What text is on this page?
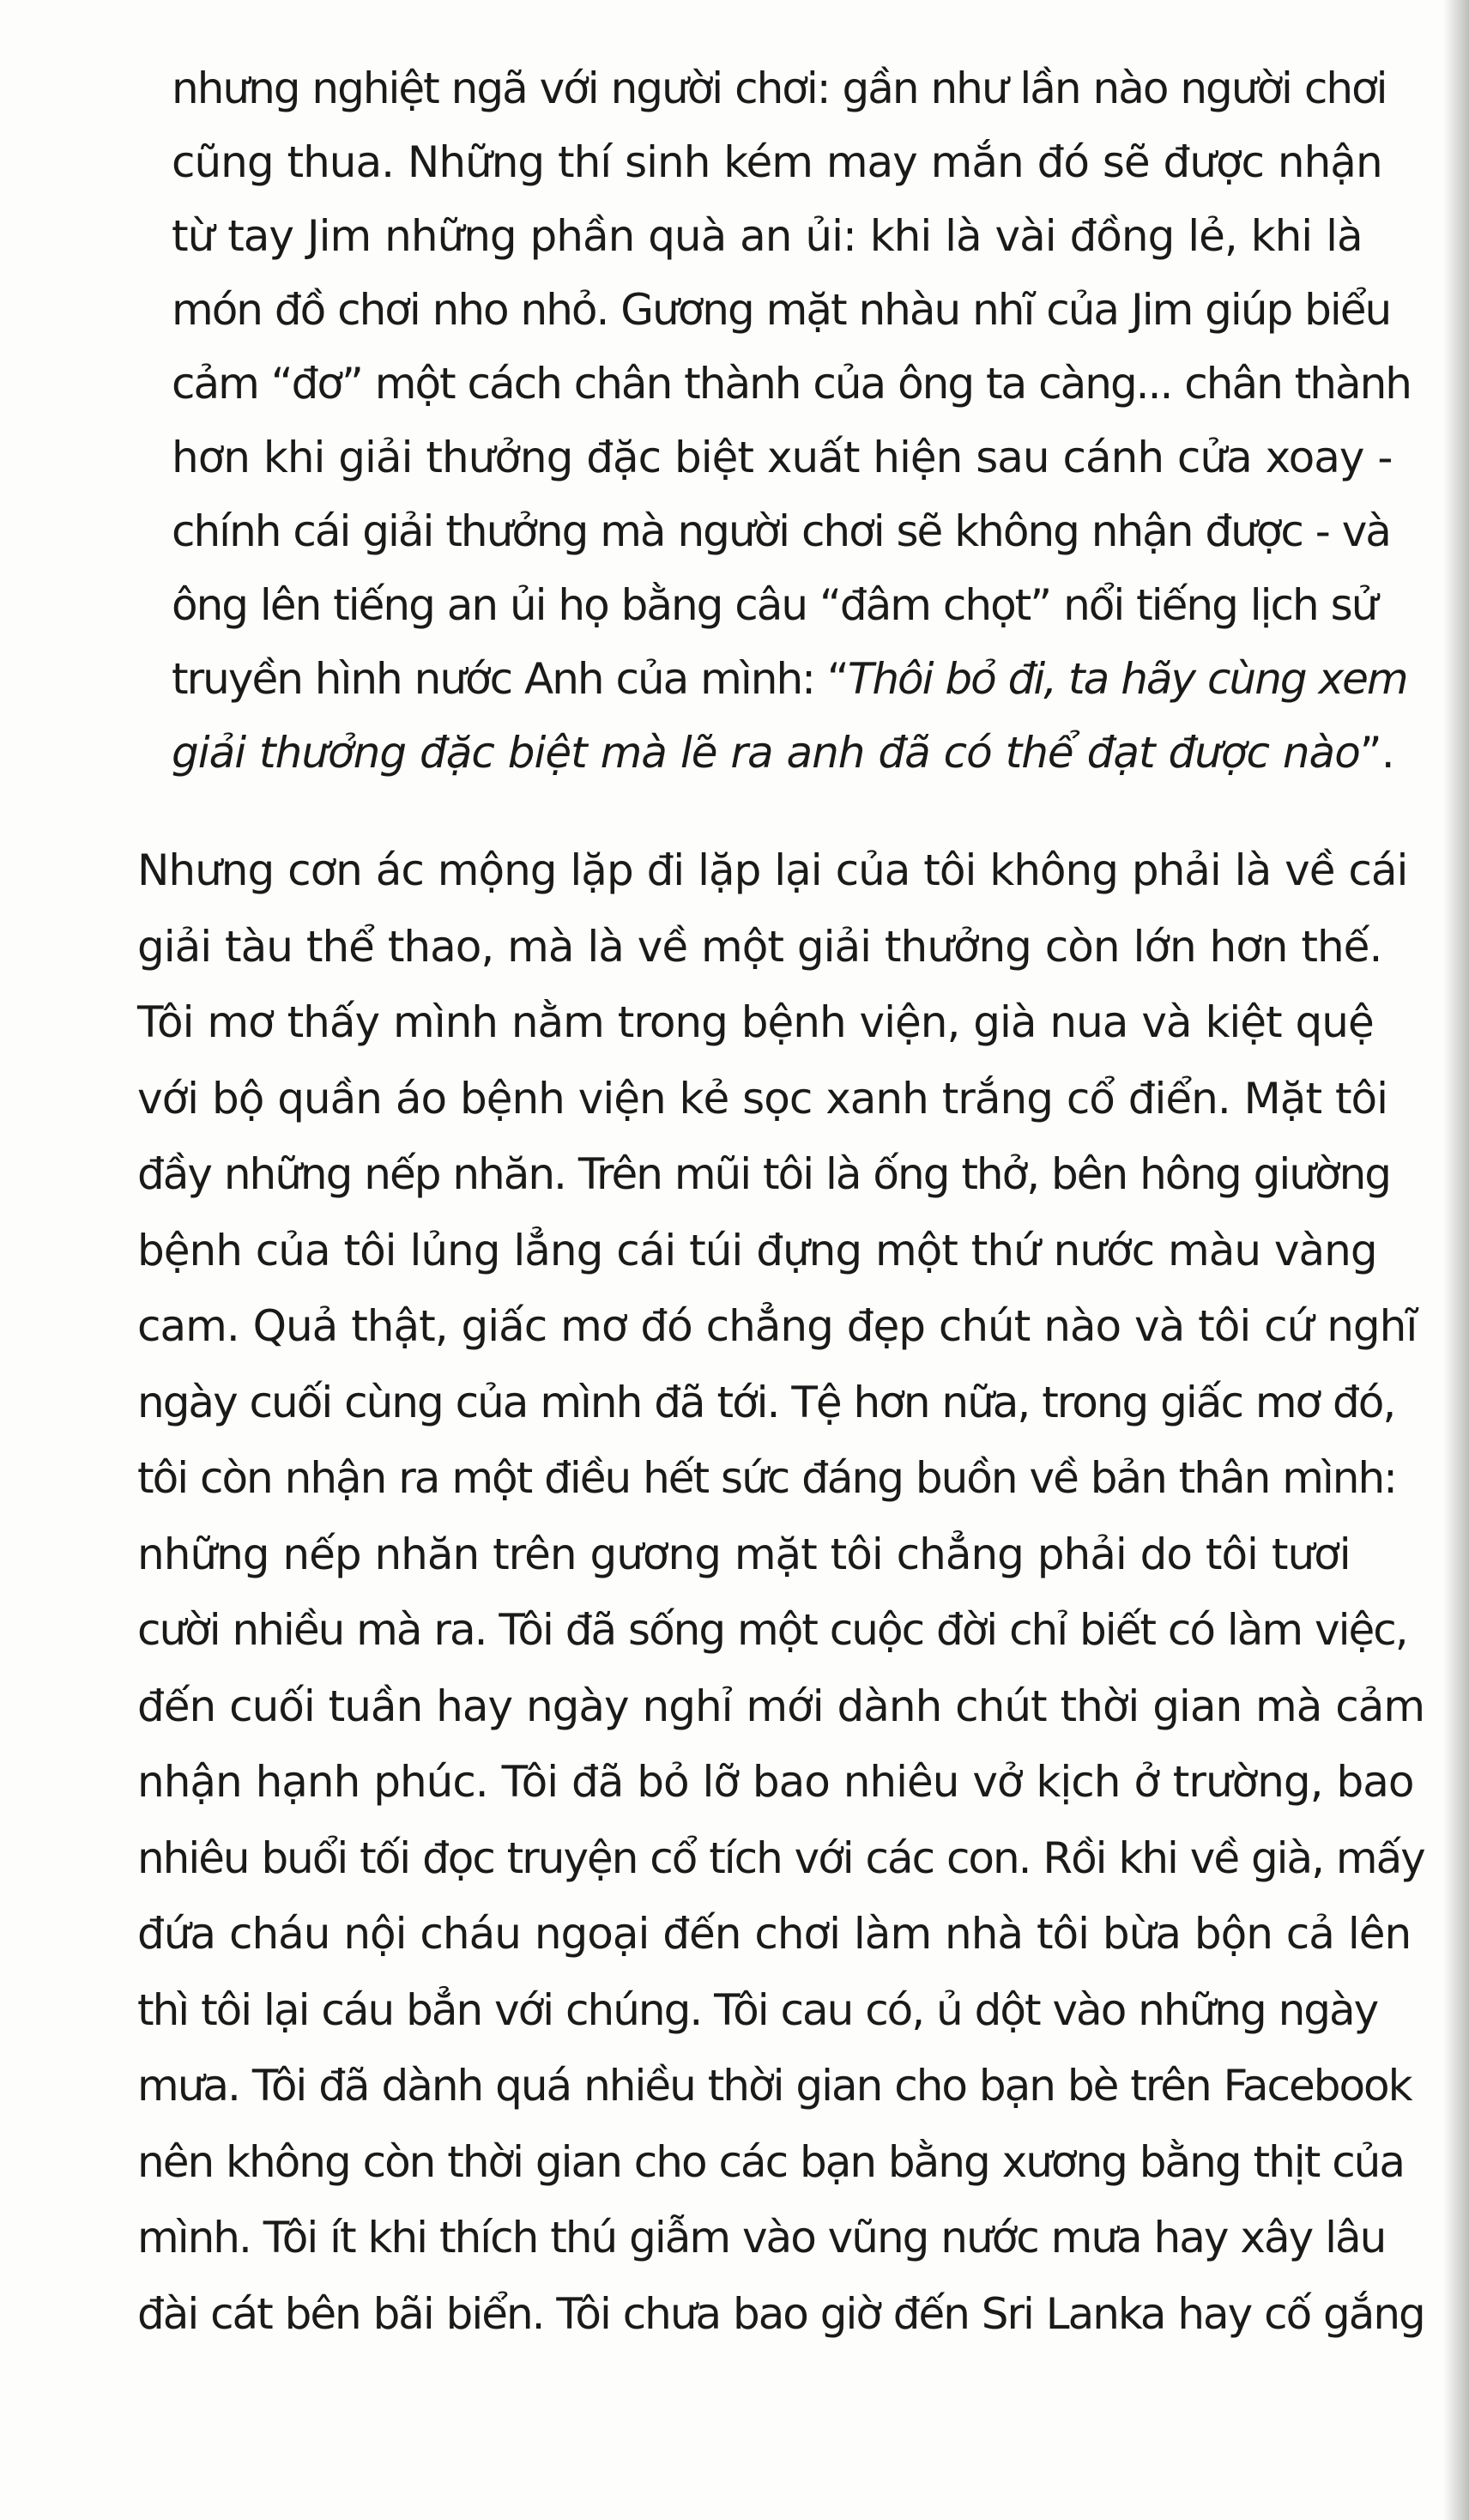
nhưng nghiệt ngã với người chơi: gần như lần nào người chơi
cũng thua. Những thí sinh kém may mắn đó sẽ được nhận
từ tay Jim những phần quà an ủi: khi là vài đồng lẻ, khi là
món đồ chơi nho nhỏ. Gương mặt nhàu nhĩ của Jim giúp biểu
cảm “đơ” một cách chân thành của ông ta càng... chân thành
hơn khi giải thưởng đặc biệt xuất hiện sau cánh cửa xoay -
chính cái giải thưởng mà người chơi sẽ không nhận được - và
ông lên tiếng an ủi họ bằng câu “đâm chọt” nổi tiếng lịch sử
truyền hình nước Anh của mình: “Thôi bỏ đi, ta hãy cùng xem
giải thưởng đặc biệt mà lẽ ra anh đã có thể đạt được nào”.
Nhưng cơn ác mộng lặp đi lặp lại của tôi không phải là về cái
giải tàu thể thao, mà là về một giải thưởng còn lớn hơn thế.
Tôi mơ thấy mình nằm trong bệnh viện, già nua và kiệt quệ
với bộ quần áo bệnh viện kẻ sọc xanh trắng cổ điển. Mặt tôi
đầy những nếp nhăn. Trên mũi tôi là ống thở, bên hông giường
bệnh của tôi lủng lẳng cái túi đựng một thứ nước màu vàng
cam. Quả thật, giấc mơ đó chẳng đẹp chút nào và tôi cứ nghĩ
ngày cuối cùng của mình đã tới. Tệ hơn nữa, trong giấc mơ đó,
tôi còn nhận ra một điều hết sức đáng buồn về bản thân mình:
những nếp nhăn trên gương mặt tôi chẳng phải do tôi tươi
cười nhiều mà ra. Tôi đã sống một cuộc đời chỉ biết có làm việc,
đến cuối tuần hay ngày nghỉ mới dành chút thời gian mà cảm
nhận hạnh phúc. Tôi đã bỏ lỡ bao nhiêu vở kịch ở trường, bao
nhiêu buổi tối đọc truyện cổ tích với các con. Rồi khi về già, mấy
đứa cháu nội cháu ngoại đến chơi làm nhà tôi bừa bộn cả lên
thì tôi lại cáu bẳn với chúng. Tôi cau có, ủ dột vào những ngày
mưa. Tôi đã dành quá nhiều thời gian cho bạn bè trên Facebook
nên không còn thời gian cho các bạn bằng xương bằng thịt của
mình. Tôi ít khi thích thú giẫm vào vũng nước mưa hay xây lâu
đài cát bên bãi biển. Tôi chưa bao giờ đến Sri Lanka hay cố gắng
